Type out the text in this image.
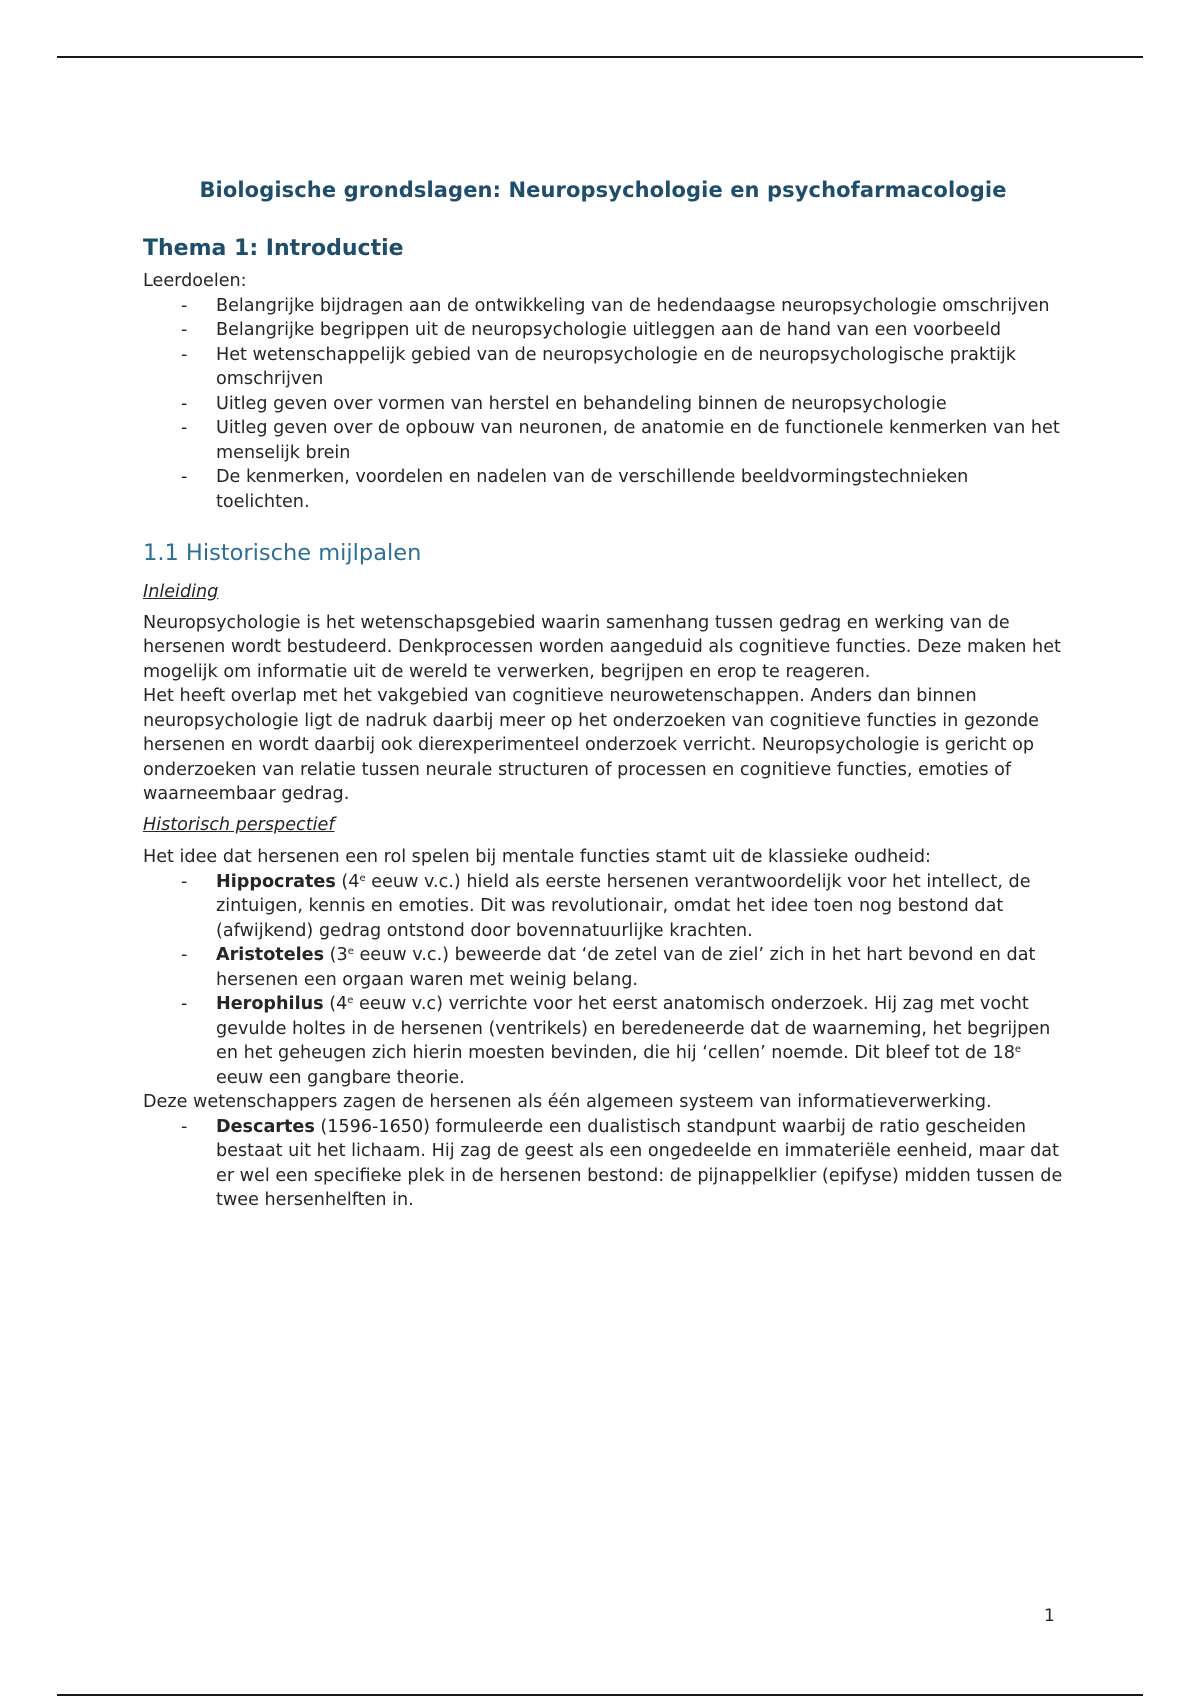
Biologische grondslagen: Neuropsychologie en psychofarmacologie
Thema 1: Introductie

Leerdoelen:

- Belangrijke bijdragen aan de ontwikkeling van de hedendaagse neuropsychologie omschrijven
- Belangrijke begrippen uit de neuropsychologie uitleggen aan de hand van een voorbeeld
- Het wetenschappelijk gebied van de neuropsychologie en de neuropsychologische praktijk omschrijven
- Uitleg geven over vormen van herstel en behandeling binnen de neuropsychologie
- Uitleg geven over de opbouw van neuronen, de anatomie en de functionele kenmerken van het menselijk brein
- De kenmerken, voordelen en nadelen van de verschillende beeldvormingstechnieken toelichten.
1.1 Historische mijlpalen

Inleiding

Neuropsychologie is het wetenschapsgebied waarin samenhang tussen gedrag en werking van de hersenen wordt bestudeerd. Denkprocessen worden aangeduid als cognitieve functies. Deze maken het mogelijk om informatie uit de wereld te verwerken, begrijpen en erop te reageren.

Het heeft overlap met het vakgebied van cognitieve neurowetenschappen. Anders dan binnen neuropsychologie ligt de nadruk daarbij meer op het onderzoeken van cognitieve functies in gezonde hersenen en wordt daarbij ook dierexperimenteel onderzoek verricht. Neuropsychologie is gericht op onderzoeken van relatie tussen neurale structuren of processen en cognitieve functies, emoties of waarneembaar gedrag.

Historisch perspectief

Het idee dat hersenen een rol spelen bij mentale functies stamt uit de klassieke oudheid:

- Hippocrates (4e eeuw v.c.) hield als eerste hersenen verantwoordelijk voor het intellect, de zintuigen, kennis en emoties. Dit was revolutionair, omdat het idee toen nog bestond dat (afwijkend) gedrag ontstond door bovennatuurlijke krachten.
- Aristoteles (3e eeuw v.c.) beweerde dat ‘de zetel van de ziel’ zich in het hart bevond en dat hersenen een orgaan waren met weinig belang.
- Herophilus (4e eeuw v.c) verrichte voor het eerst anatomisch onderzoek. Hij zag met vocht gevulde holtes in de hersenen (ventrikels) en beredeneerde dat de waarneming, het begrijpen en het geheugen zich hierin moesten bevinden, die hij ‘cellen’ noemde. Dit bleef tot de 18e eeuw een gangbare theorie.

Deze wetenschappers zagen de hersenen als één algemeen systeem van informatieverwerking.

- Descartes (1596-1650) formuleerde een dualistisch standpunt waarbij de ratio gescheiden bestaat uit het lichaam. Hij zag de geest als een ongedeelde en immateriële eenheid, maar dat er wel een specifieke plek in de hersenen bestond: de pijnappelklier (epifyse) midden tussen de twee hersenhelften in.
1
